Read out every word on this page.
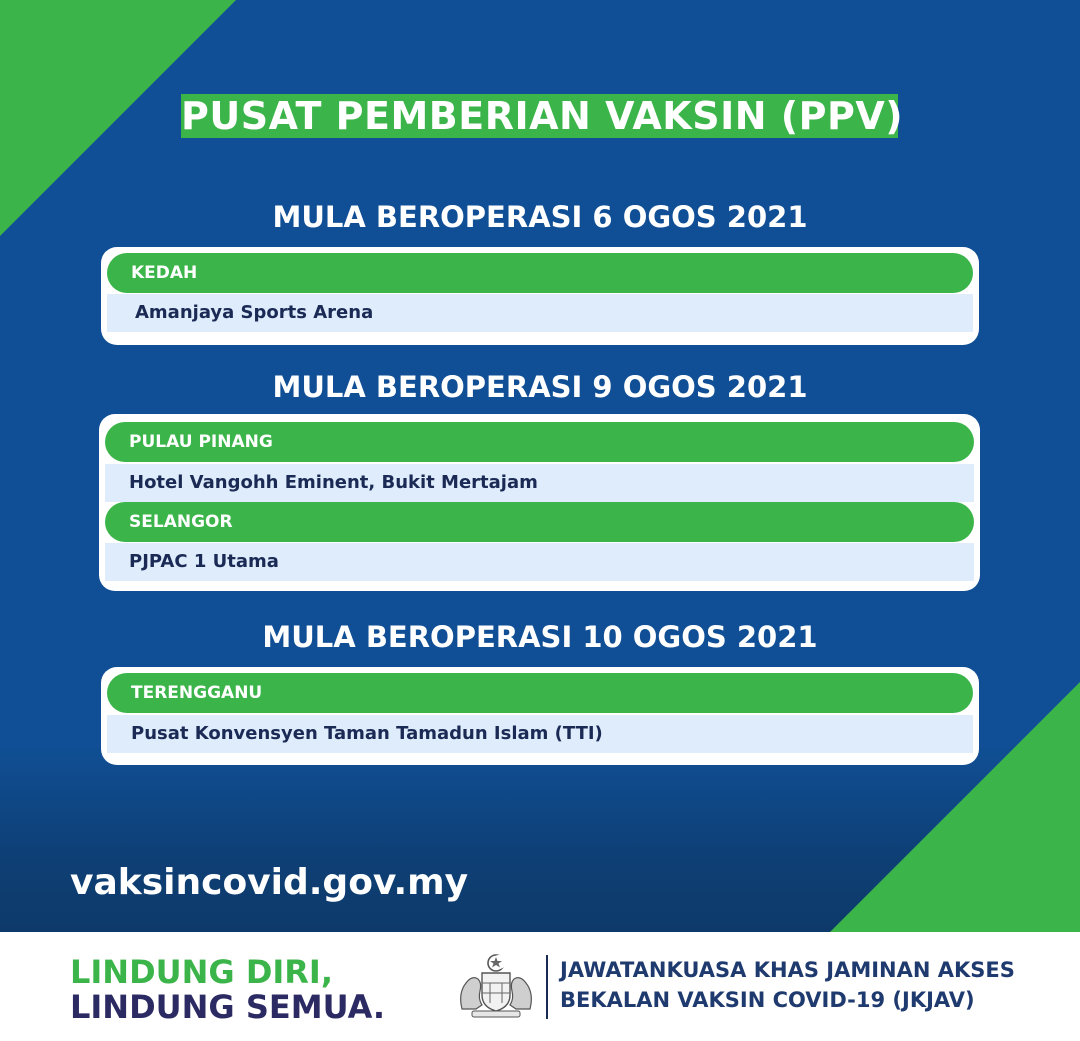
PUSAT PEMBERIAN VAKSIN (PPV)
MULA BEROPERASI 6 OGOS 2021
KEDAH
Amanjaya Sports Arena
MULA BEROPERASI 9 OGOS 2021
PULAU PINANG
Hotel Vangohh Eminent, Bukit Mertajam
SELANGOR
PJPAC 1 Utama
MULA BEROPERASI 10 OGOS 2021
TERENGGANU
Pusat Konvensyen Taman Tamadun Islam (TTI)
vaksincovid.gov.my
LINDUNG DIRI,
LINDUNG SEMUA.
JAWATANKUASA KHAS JAMINAN AKSES
BEKALAN VAKSIN COVID-19 (JKJAV)
